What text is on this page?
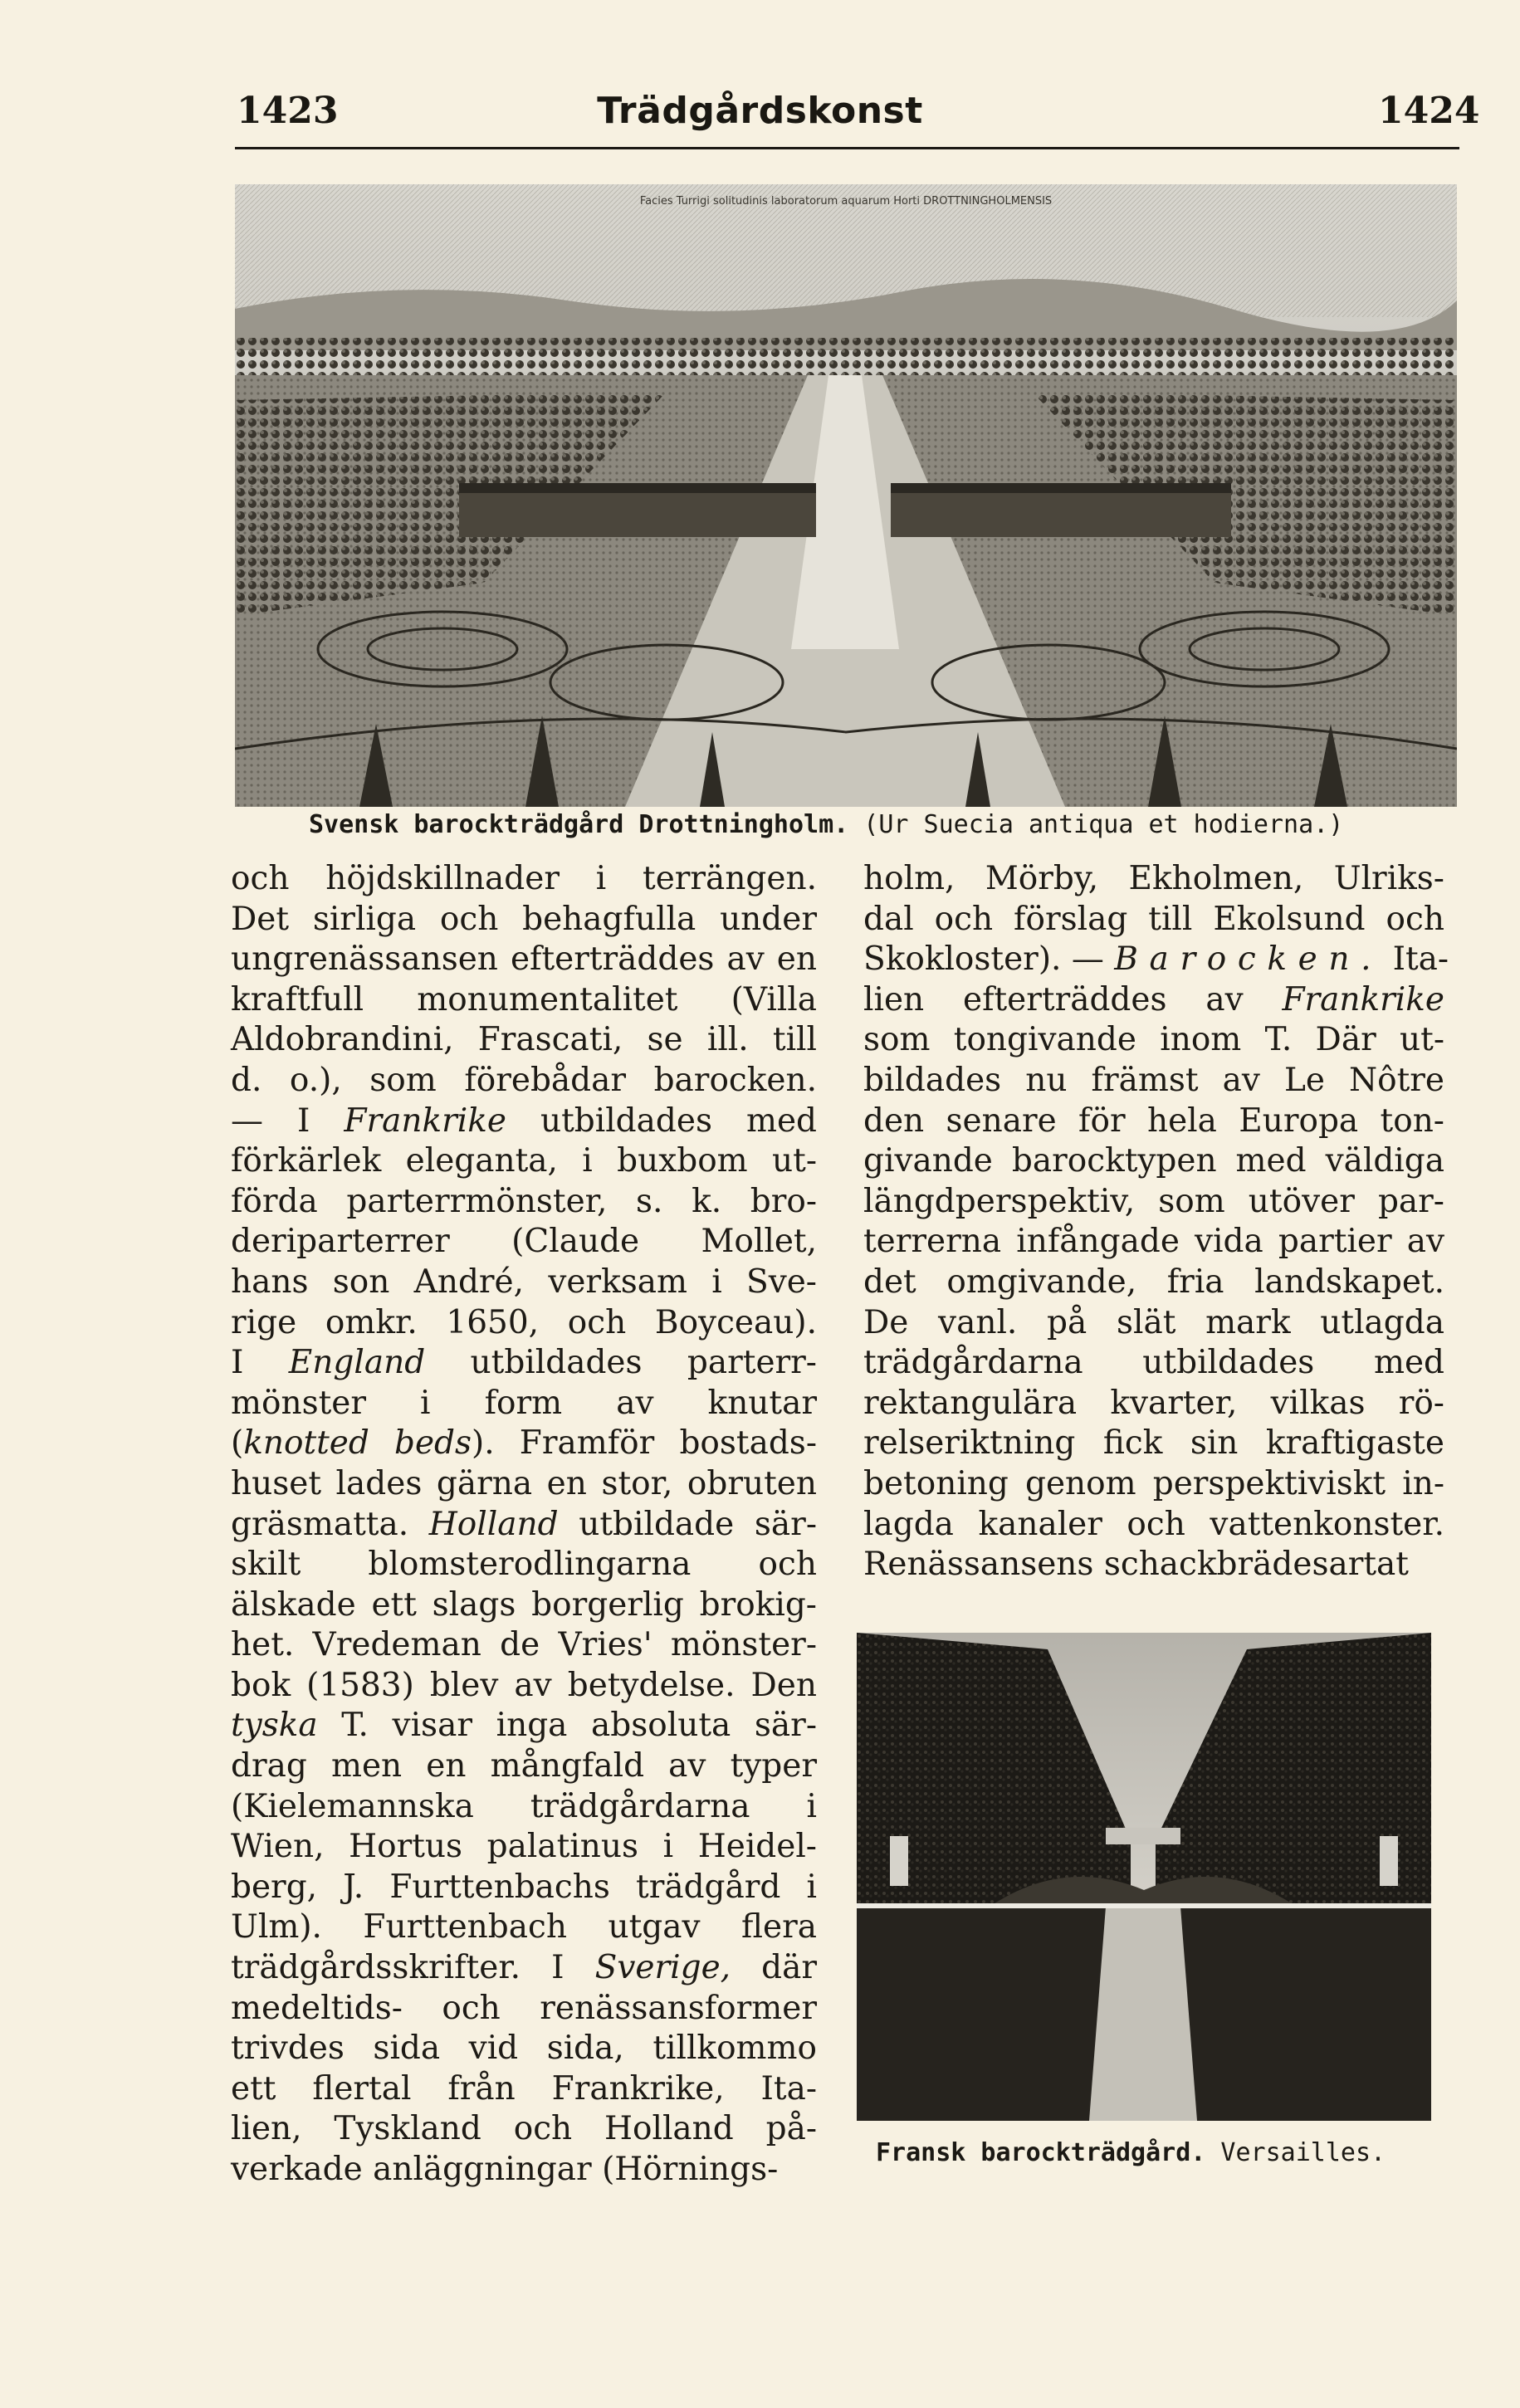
1423	Trädgårdskonst	1424
Facies Turrigi solitudinis laboratorum aquarum Horti DROTTNINGHOLMENSIS
Svensk barockträdgård Drottningholm. (Ur Suecia antiqua et hodierna.)
Fransk barockträdgård. Versailles.
och höjdskillnader i terrängen.
Det sirliga och behagfulla under
ungrenässansen efterträddes av en
kraftfull monumentalitet (Villa
Aldobrandini, Frascati, se ill. till
d. o.), som förebådar barocken.
— I Frankrike utbildades med
förkärlek eleganta, i buxbom ut-
förda parterrmönster, s. k. bro-
deriparterrer (Claude Mollet,
hans son André, verksam i Sve-
rige omkr. 1650, och Boyceau).
I England utbildades parterr-
mönster i form av knutar
(knotted beds). Framför bostads-
huset lades gärna en stor, obruten
gräsmatta. Holland utbildade sär-
skilt blomsterodlingarna och
älskade ett slags borgerlig brokig-
het. Vredeman de Vries' mönster-
bok (1583) blev av betydelse. Den
tyska T. visar inga absoluta sär-
drag men en mångfald av typer
(Kielemannska trädgårdarna i
Wien, Hortus palatinus i Heidel-
berg, J. Furttenbachs trädgård i
Ulm). Furttenbach utgav flera
trädgårdsskrifter. I Sverige, där
medeltids- och renässansformer
trivdes sida vid sida, tillkommo
ett flertal från Frankrike, Ita-
lien, Tyskland och Holland på-
verkade anläggningar (Hörnings-
holm, Mörby, Ekholmen, Ulriks-
dal och förslag till Ekolsund och
Skokloster). — Barocken. Ita-
lien efterträddes av Frankrike
som tongivande inom T. Där ut-
bildades nu främst av Le Nôtre
den senare för hela Europa ton-
givande barocktypen med väldiga
längdperspektiv, som utöver par-
terrerna infångade vida partier av
det omgivande, fria landskapet.
De vanl. på slät mark utlagda
trädgårdarna utbildades med
rektangulära kvarter, vilkas rö-
relseriktning fick sin kraftigaste
betoning genom perspektiviskt in-
lagda kanaler och vattenkonster.
Renässansens schackbrädesartat
